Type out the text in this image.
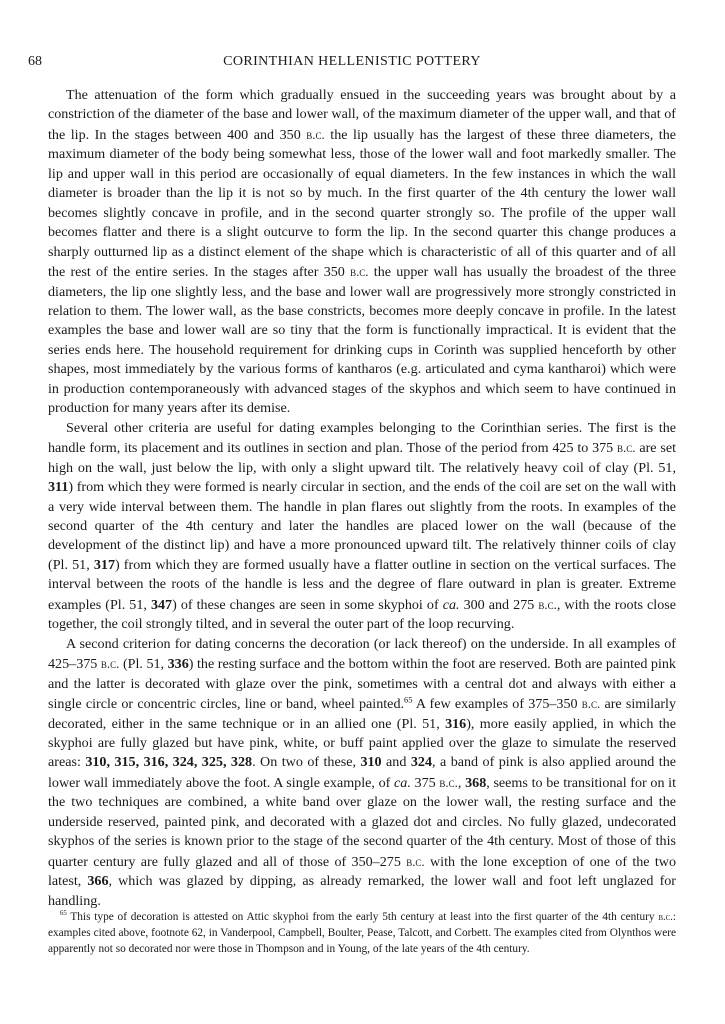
68	CORINTHIAN HELLENISTIC POTTERY

The attenuation of the form which gradually ensued in the succeeding years was brought about by a constriction of the diameter of the base and lower wall, of the maximum diameter of the upper wall, and that of the lip. In the stages between 400 and 350 b.c. the lip usually has the largest of these three diameters, the maximum diameter of the body being somewhat less, those of the lower wall and foot markedly smaller. The lip and upper wall in this period are occasionally of equal diameters. In the few instances in which the wall diameter is broader than the lip it is not so by much. In the first quarter of the 4th century the lower wall becomes slightly concave in profile, and in the second quarter strongly so. The profile of the upper wall becomes flatter and there is a slight outcurve to form the lip. In the second quarter this change produces a sharply outturned lip as a distinct element of the shape which is characteristic of all of this quarter and of all the rest of the entire series. In the stages after 350 b.c. the upper wall has usually the broadest of the three diameters, the lip one slightly less, and the base and lower wall are progressively more strongly constricted in relation to them. The lower wall, as the base constricts, becomes more deeply concave in profile. In the latest examples the base and lower wall are so tiny that the form is functionally impractical. It is evident that the series ends here. The household requirement for drinking cups in Corinth was supplied henceforth by other shapes, most immediately by the various forms of kantharos (e.g. articulated and cyma kantharoi) which were in production contemporaneously with advanced stages of the skyphos and which seem to have continued in production for many years after its demise.

Several other criteria are useful for dating examples belonging to the Corinthian series. The first is the handle form, its placement and its outlines in section and plan. Those of the period from 425 to 375 b.c. are set high on the wall, just below the lip, with only a slight upward tilt. The relatively heavy coil of clay (Pl. 51, 311) from which they were formed is nearly circular in section, and the ends of the coil are set on the wall with a very wide interval between them. The handle in plan flares out slightly from the roots. In examples of the second quarter of the 4th century and later the handles are placed lower on the wall (because of the development of the distinct lip) and have a more pronounced upward tilt. The relatively thinner coils of clay (Pl. 51, 317) from which they are formed usually have a flatter outline in section on the vertical surfaces. The interval between the roots of the handle is less and the degree of flare outward in plan is greater. Extreme examples (Pl. 51, 347) of these changes are seen in some skyphoi of ca. 300 and 275 b.c., with the roots close together, the coil strongly tilted, and in several the outer part of the loop recurving.

A second criterion for dating concerns the decoration (or lack thereof) on the underside. In all examples of 425–375 b.c. (Pl. 51, 336) the resting surface and the bottom within the foot are reserved. Both are painted pink and the latter is decorated with glaze over the pink, sometimes with a central dot and always with either a single circle or concentric circles, line or band, wheel painted.$^{65}$ A few examples of 375–350 b.c. are similarly decorated, either in the same technique or in an allied one (Pl. 51, 316), more easily applied, in which the skyphoi are fully glazed but have pink, white, or buff paint applied over the glaze to simulate the reserved areas: 310, 315, 316, 324, 325, 328. On two of these, 310 and 324, a band of pink is also applied around the lower wall immediately above the foot. A single example, of ca. 375 b.c., 368, seems to be transitional for on it the two techniques are combined, a white band over glaze on the lower wall, the resting surface and the underside reserved, painted pink, and decorated with a glazed dot and circles. No fully glazed, undecorated skyphos of the series is known prior to the stage of the second quarter of the 4th century. Most of those of this quarter century are fully glazed and all of those of 350–275 b.c. with the lone exception of one of the two latest, 366, which was glazed by dipping, as already remarked, the lower wall and foot left unglazed for handling.

$^{65}$ This type of decoration is attested on Attic skyphoi from the early 5th century at least into the first quarter of the 4th century b.c.: examples cited above, footnote 62, in Vanderpool, Campbell, Boulter, Pease, Talcott, and Corbett. The examples cited from Olynthos were apparently not so decorated nor were those in Thompson and in Young, of the late years of the 4th century.
